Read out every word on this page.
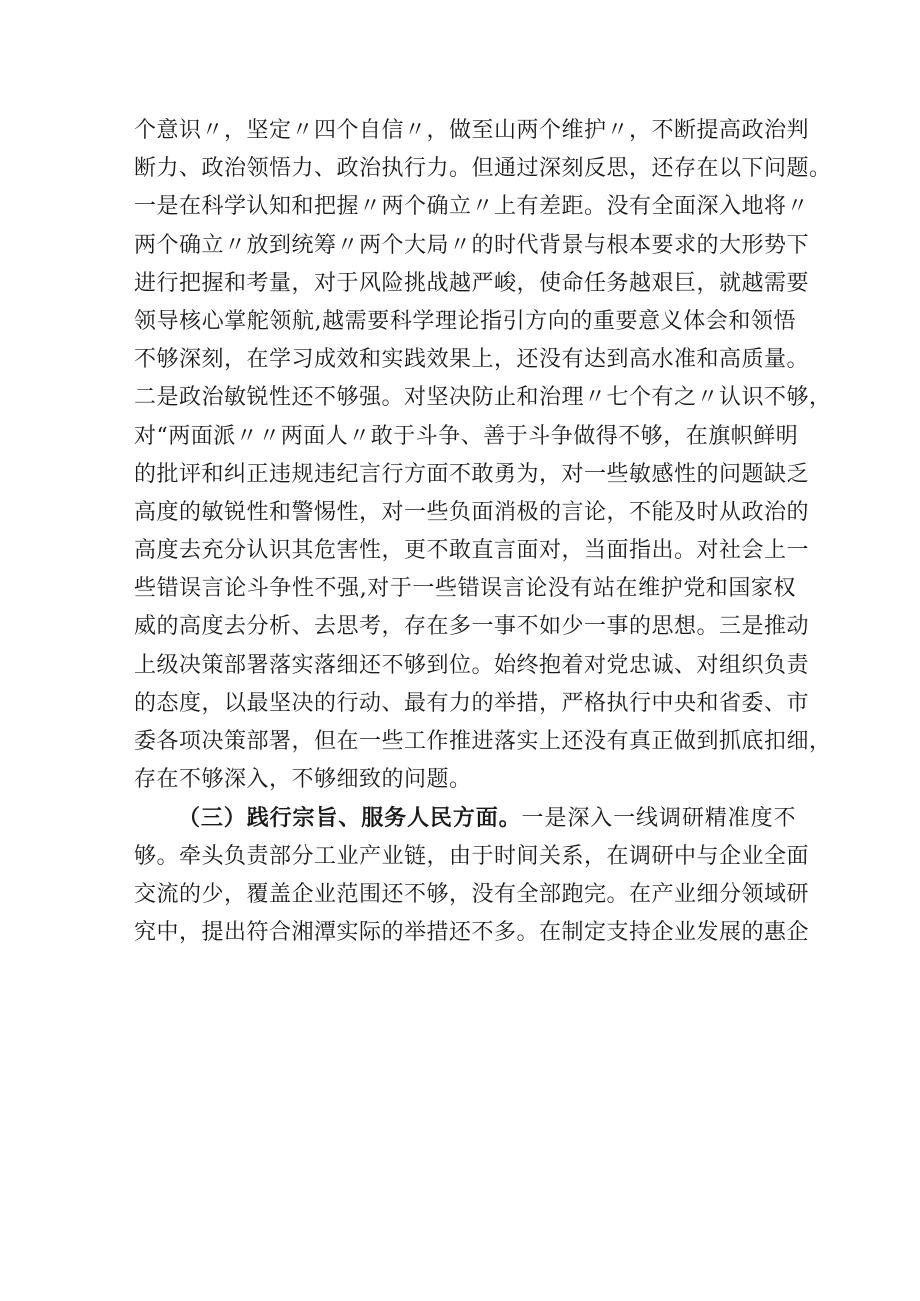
个意识〃，坚定〃四个自信〃，做至山两个维护〃，不断提高政治判
断力、政治领悟力、政治执行力。但通过深刻反思，还存在以下问题。
一是在科学认知和把握〃两个确立〃上有差距。没有全面深入地将〃
两个确立〃放到统筹〃两个大局〃的时代背景与根本要求的大形势下
进行把握和考量，对于风险挑战越严峻，使命任务越艰巨，就越需要
领导核心掌舵领航,越需要科学理论指引方向的重要意义体会和领悟
不够深刻，在学习成效和实践效果上，还没有达到高水准和高质量。
二是政治敏锐性还不够强。对坚决防止和治理〃七个有之〃认识不够，
对“两面派〃〃两面人〃敢于斗争、善于斗争做得不够，在旗帜鲜明
的批评和纠正违规违纪言行方面不敢勇为，对一些敏感性的问题缺乏
高度的敏锐性和警惕性，对一些负面消极的言论，不能及时从政治的
高度去充分认识其危害性，更不敢直言面对，当面指出。对社会上一
些错误言论斗争性不强,对于一些错误言论没有站在维护党和国家权
威的高度去分析、去思考，存在多一事不如少一事的思想。三是推动
上级决策部署落实落细还不够到位。始终抱着对党忠诚、对组织负责
的态度，以最坚决的行动、最有力的举措，严格执行中央和省委、市
委各项决策部署，但在一些工作推进落实上还没有真正做到抓底扣细，
存在不够深入，不够细致的问题。
（三）践行宗旨、服务人民方面。一是深入一线调研精准度不
够。牵头负责部分工业产业链，由于时间关系，在调研中与企业全面
交流的少，覆盖企业范围还不够，没有全部跑完。在产业细分领域研
究中，提出符合湘潭实际的举措还不多。在制定支持企业发展的惠企
